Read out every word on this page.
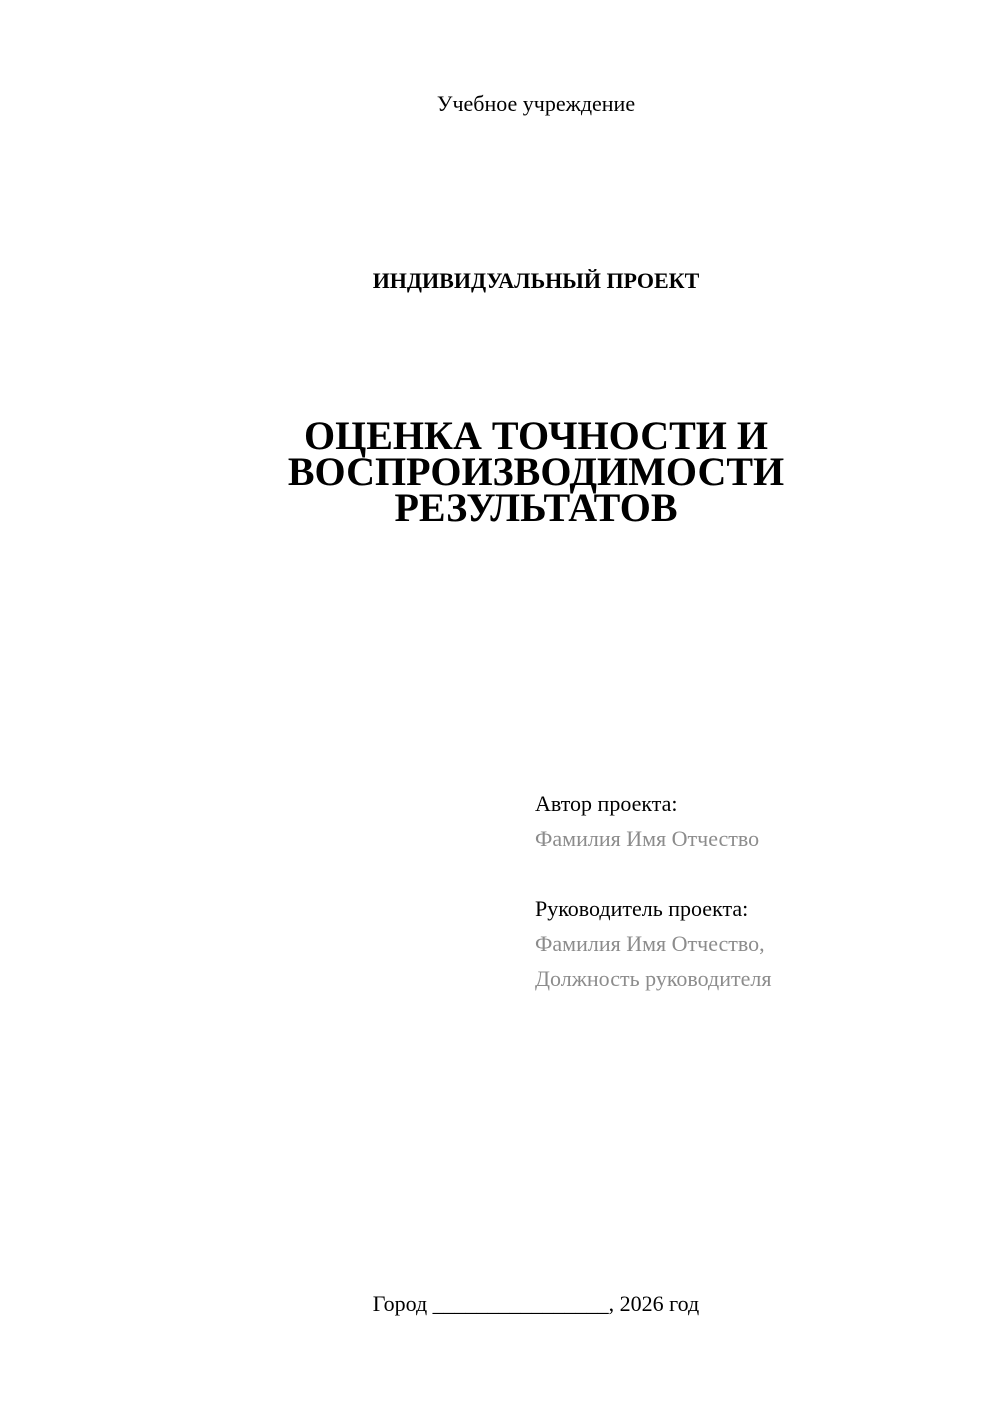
Учебное учреждение
ИНДИВИДУАЛЬНЫЙ ПРОЕКТ
ОЦЕНКА ТОЧНОСТИ И
ВОСПРОИЗВОДИМОСТИ
РЕЗУЛЬТАТОВ
Автор проекта:
Фамилия Имя Отчество
Руководитель проекта:
Фамилия Имя Отчество,
Должность руководителя
Город ________________, 2026 год
